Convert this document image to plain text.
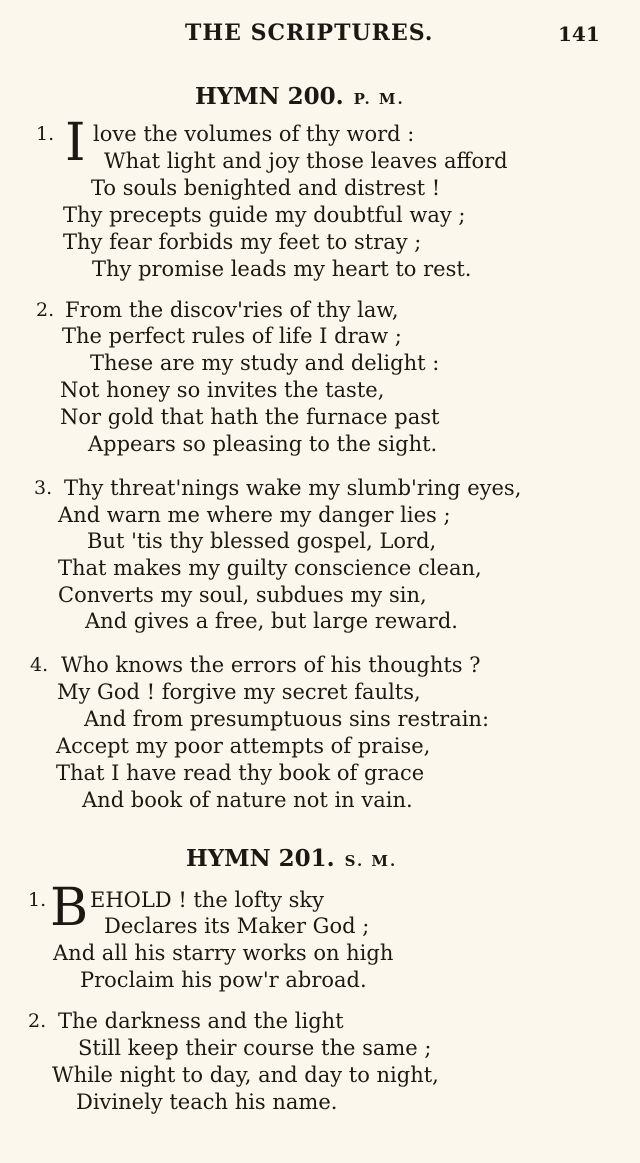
THE SCRIPTURES.	141
HYMN 200. P. M.
1. I love the volumes of thy word :
What light and joy those leaves afford
To souls benighted and distrest !
Thy precepts guide my doubtful way ;
Thy fear forbids my feet to stray ;
Thy promise leads my heart to rest.
2. From the discov'ries of thy law,
The perfect rules of life I draw ;
These are my study and delight :
Not honey so invites the taste,
Nor gold that hath the furnace past
Appears so pleasing to the sight.
3. Thy threat'nings wake my slumb'ring eyes,
And warn me where my danger lies ;
But 'tis thy blessed gospel, Lord,
That makes my guilty conscience clean,
Converts my soul, subdues my sin,
And gives a free, but large reward.
4. Who knows the errors of his thoughts ?
My God ! forgive my secret faults,
And from presumptuous sins restrain:
Accept my poor attempts of praise,
That I have read thy book of grace
And book of nature not in vain.
HYMN 201. S. M.
1. B EHOLD ! the lofty sky
Declares its Maker God ;
And all his starry works on high
Proclaim his pow'r abroad.
2. The darkness and the light
Still keep their course the same ;
While night to day, and day to night,
Divinely teach his name.
